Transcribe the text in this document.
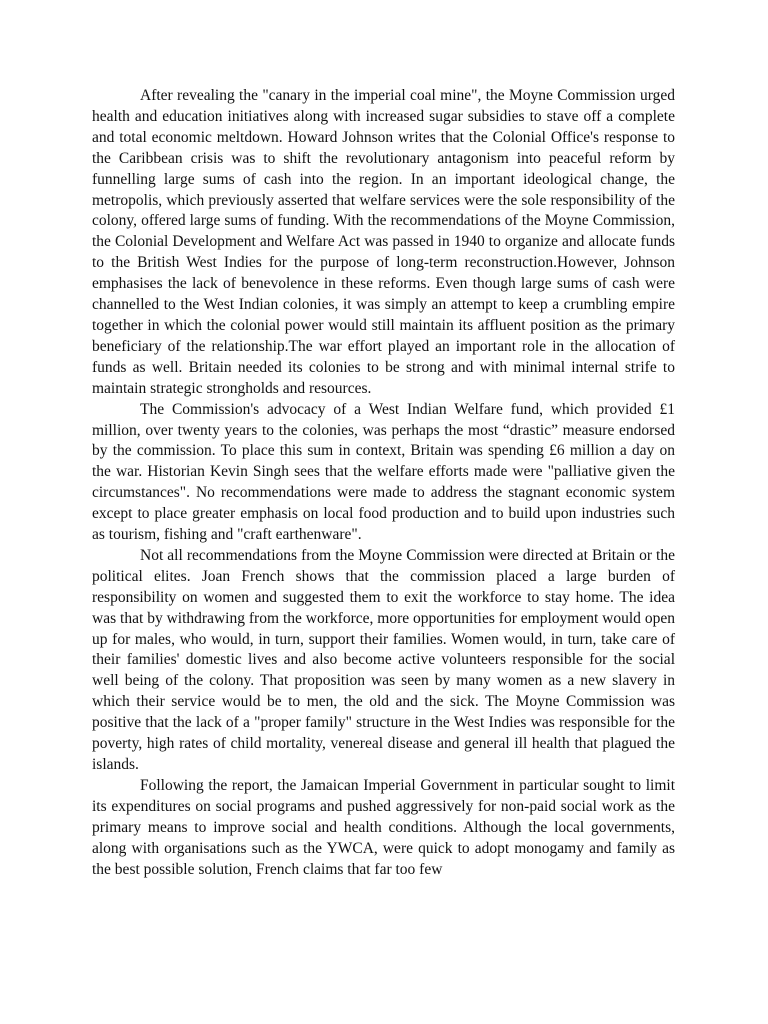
After revealing the "canary in the imperial coal mine", the Moyne Commission urged health and education initiatives along with increased sugar subsidies to stave off a complete and total economic meltdown. Howard Johnson writes that the Colonial Office's response to the Caribbean crisis was to shift the revolutionary antagonism into peaceful reform by funnelling large sums of cash into the region. In an important ideological change, the metropolis, which previously asserted that welfare services were the sole responsibility of the colony, offered large sums of funding. With the recommendations of the Moyne Commission, the Colonial Development and Welfare Act was passed in 1940 to organize and allocate funds to the British West Indies for the purpose of long-term reconstruction.However, Johnson emphasises the lack of benevolence in these reforms. Even though large sums of cash were channelled to the West Indian colonies, it was simply an attempt to keep a crumbling empire together in which the colonial power would still maintain its affluent position as the primary beneficiary of the relationship.The war effort played an important role in the allocation of funds as well. Britain needed its colonies to be strong and with minimal internal strife to maintain strategic strongholds and resources.

The Commission's advocacy of a West Indian Welfare fund, which provided £1 million, over twenty years to the colonies, was perhaps the most “drastic” measure endorsed by the commission. To place this sum in context, Britain was spending £6 million a day on the war. Historian Kevin Singh sees that the welfare efforts made were "palliative given the circumstances". No recommendations were made to address the stagnant economic system except to place greater emphasis on local food production and to build upon industries such as tourism, fishing and "craft earthenware".

Not all recommendations from the Moyne Commission were directed at Britain or the political elites. Joan French shows that the commission placed a large burden of responsibility on women and suggested them to exit the workforce to stay home. The idea was that by withdrawing from the workforce, more opportunities for employment would open up for males, who would, in turn, support their families. Women would, in turn, take care of their families' domestic lives and also become active volunteers responsible for the social well being of the colony. That proposition was seen by many women as a new slavery in which their service would be to men, the old and the sick. The Moyne Commission was positive that the lack of a "proper family" structure in the West Indies was responsible for the poverty, high rates of child mortality, venereal disease and general ill health that plagued the islands.

Following the report, the Jamaican Imperial Government in particular sought to limit its expenditures on social programs and pushed aggressively for non-paid social work as the primary means to improve social and health conditions. Although the local governments, along with organisations such as the YWCA, were quick to adopt monogamy and family as the best possible solution, French claims that far too few
